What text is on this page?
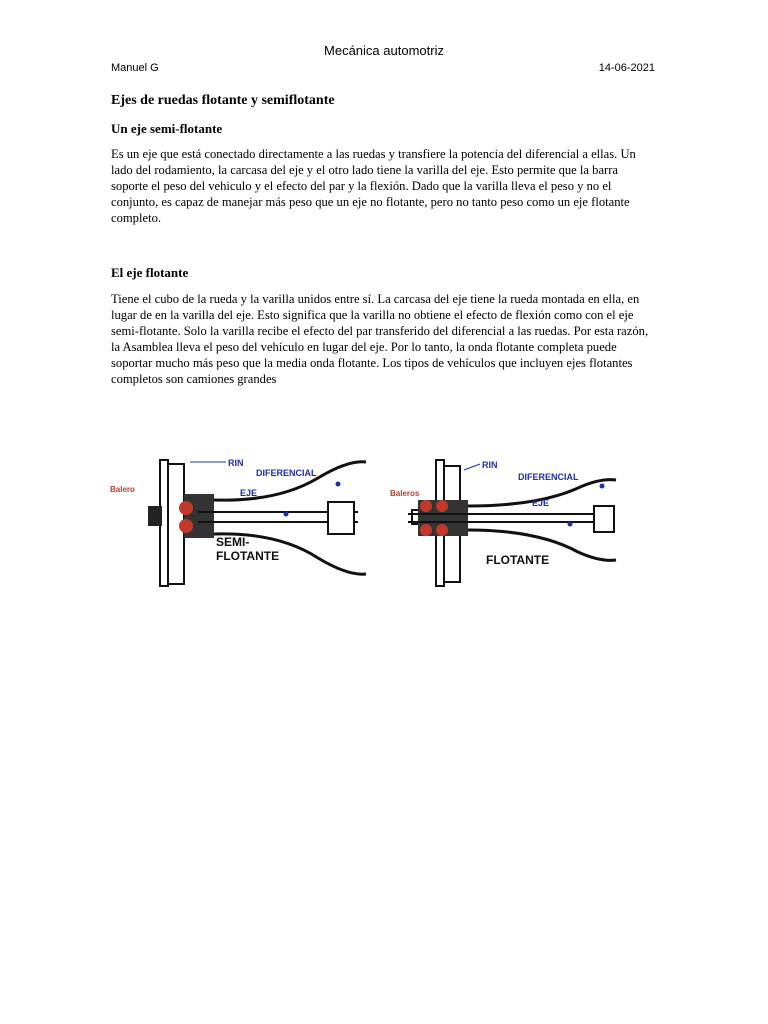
Mecánica automotriz
Manuel G	14-06-2021
Ejes de ruedas flotante y semiflotante
Un eje semi-flotante
Es un eje que está conectado directamente a las ruedas y transfiere la potencia del diferencial a ellas. Un lado del rodamiento, la carcasa del eje y el otro lado tiene la varilla del eje. Esto permite que la barra soporte el peso del vehiculo y el efecto del par y la flexión. Dado que la varilla lleva el peso y no el conjunto, es capaz de manejar más peso que un eje no flotante, pero no tanto peso como un eje flotante completo.
El eje flotante
Tiene el cubo de la rueda y la varilla unidos entre sí. La carcasa del eje tiene la rueda montada en ella, en lugar de en la varilla del eje. Esto significa que la varilla no obtiene el efecto de flexión como con el eje semi-flotante. Solo la varilla recibe el efecto del par transferido del diferencial a las ruedas. Por esta razón, la Asamblea lleva el peso del vehículo en lugar del eje. Por lo tanto, la onda flotante completa puede soportar mucho más peso que la media onda flotante. Los tipos de vehículos que incluyen ejes flotantes completos son camiones grandes
RIN
DIFERENCIAL
Balero	EJE
SEMI-
FLOTANTE
RIN
DIFERENCIAL
Baleros
EJE
FLOTANTE
